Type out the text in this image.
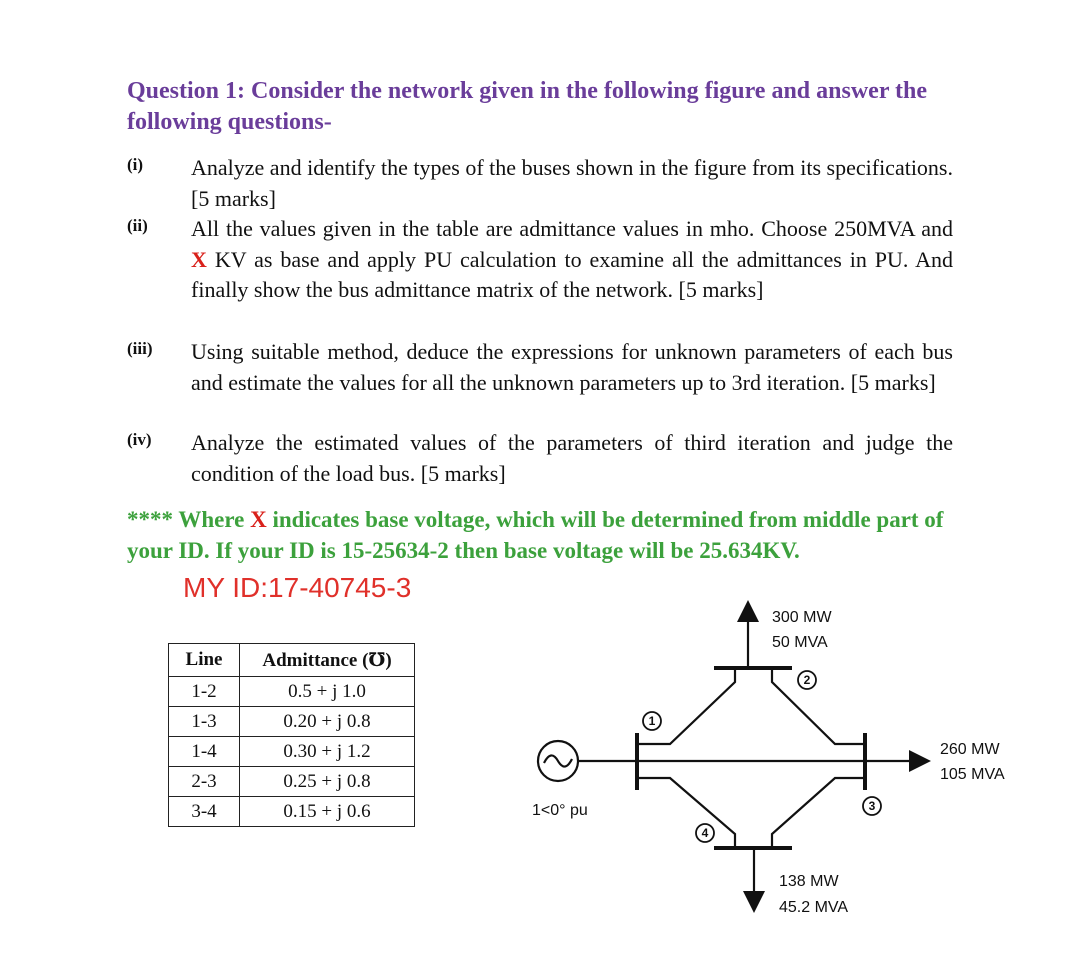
Question 1: Consider the network given in the following figure and answer the following questions-
(i) Analyze and identify the types of the buses shown in the figure from its specifications. [5 marks]
(ii) All the values given in the table are admittance values in mho. Choose 250MVA and X KV as base and apply PU calculation to examine all the admittances in PU. And finally show the bus admittance matrix of the network. [5 marks]
(iii) Using suitable method, deduce the expressions for unknown parameters of each bus and estimate the values for all the unknown parameters up to 3rd iteration. [5 marks]
(iv) Analyze the estimated values of the parameters of third iteration and judge the condition of the load bus. [5 marks]
**** Where X indicates base voltage, which will be determined from middle part of your ID. If your ID is 15-25634-2 then base voltage will be 25.634KV.
MY ID:17-40745-3
Line	Admittance (℧)
1-2	0.5 + j 1.0
1-3	0.20 + j 0.8
1-4	0.30 + j 1.2
2-3	0.25 + j 0.8
3-4	0.15 + j 0.6
1
2
3
4
300 MW
50 MVA
260 MW
105 MVA
138 MW
45.2 MVA
1<0° pu
